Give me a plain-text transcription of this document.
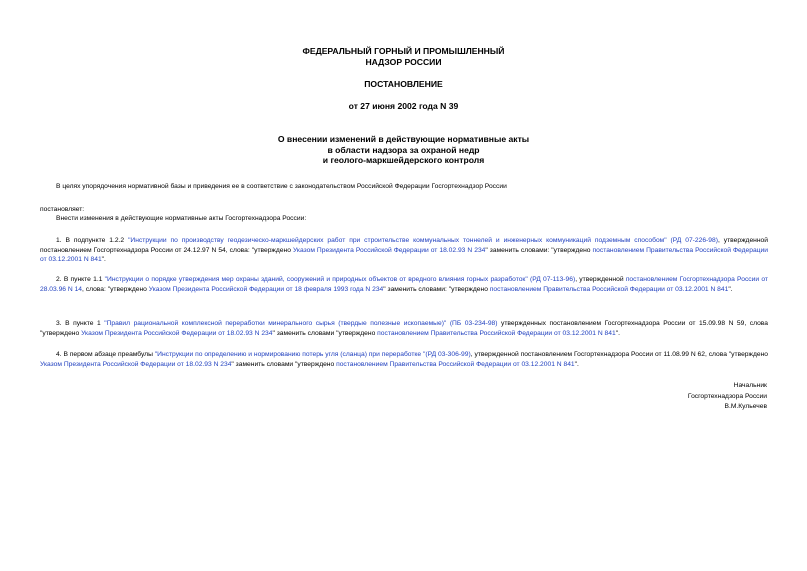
ФЕДЕРАЛЬНЫЙ ГОРНЫЙ И ПРОМЫШЛЕННЫЙ
НАДЗОР РОССИИ
ПОСТАНОВЛЕНИЕ
от 27 июня 2002 года N 39
О внесении изменений в действующие нормативные акты
в области надзора за охраной недр
и геолого-маркшейдерского контроля
В целях упорядочения нормативной базы и приведения ее в соответствие с законодательством Российской Федерации Госгортехнадзор России
постановляет:
Внести изменения в действующие нормативные акты Госгортехнадзора России:
1. В подпункте 1.2.2 "Инструкции по производству геодезическо-маркшейдерских работ при строительстве коммунальных тоннелей и инженерных коммуникаций подземным способом" (РД 07-226-98), утвержденной постановлением Госгортехнадзора России от 24.12.97 N 54, слова: "утверждено Указом Президента Российской Федерации от 18.02.93 N 234" заменить словами: "утверждено постановлением Правительства Российской Федерации от 03.12.2001 N 841".
2. В пункте 1.1 "Инструкции о порядке утверждения мер охраны зданий, сооружений и природных объектов от вредного влияния горных разработок" (РД 07-113-96), утвержденной постановлением Госгортехнадзора России от 28.03.96 N 14, слова: "утверждено Указом Президента Российской Федерации от 18 февраля 1993 года N 234" заменить словами: "утверждено постановлением Правительства Российской Федерации от 03.12.2001 N 841".
3. В пункте 1 "Правил рациональной комплексной переработки минерального сырья (твердые полезные ископаемые)" (ПБ 03-234-98) утвержденных постановлением Госгортехнадзора России от 15.09.98 N 59, слова "утверждено Указом Президента Российской Федерации от 18.02.93 N 234" заменить словами "утверждено постановлением Правительства Российской Федерации от 03.12.2001 N 841".
4. В первом абзаце преамбулы "Инструкции по определению и нормированию потерь угля (сланца) при переработке "(РД 03-306-99), утвержденной постановлением Госгортехнадзора России от 11.08.99 N 62, слова "утверждено Указом Президента Российской Федерации от 18.02.93 N 234" заменить словами "утверждено постановлением Правительства Российской Федерации от 03.12.2001 N 841".
Начальник
Госгортехнадзора России
В.М.Кульечев
